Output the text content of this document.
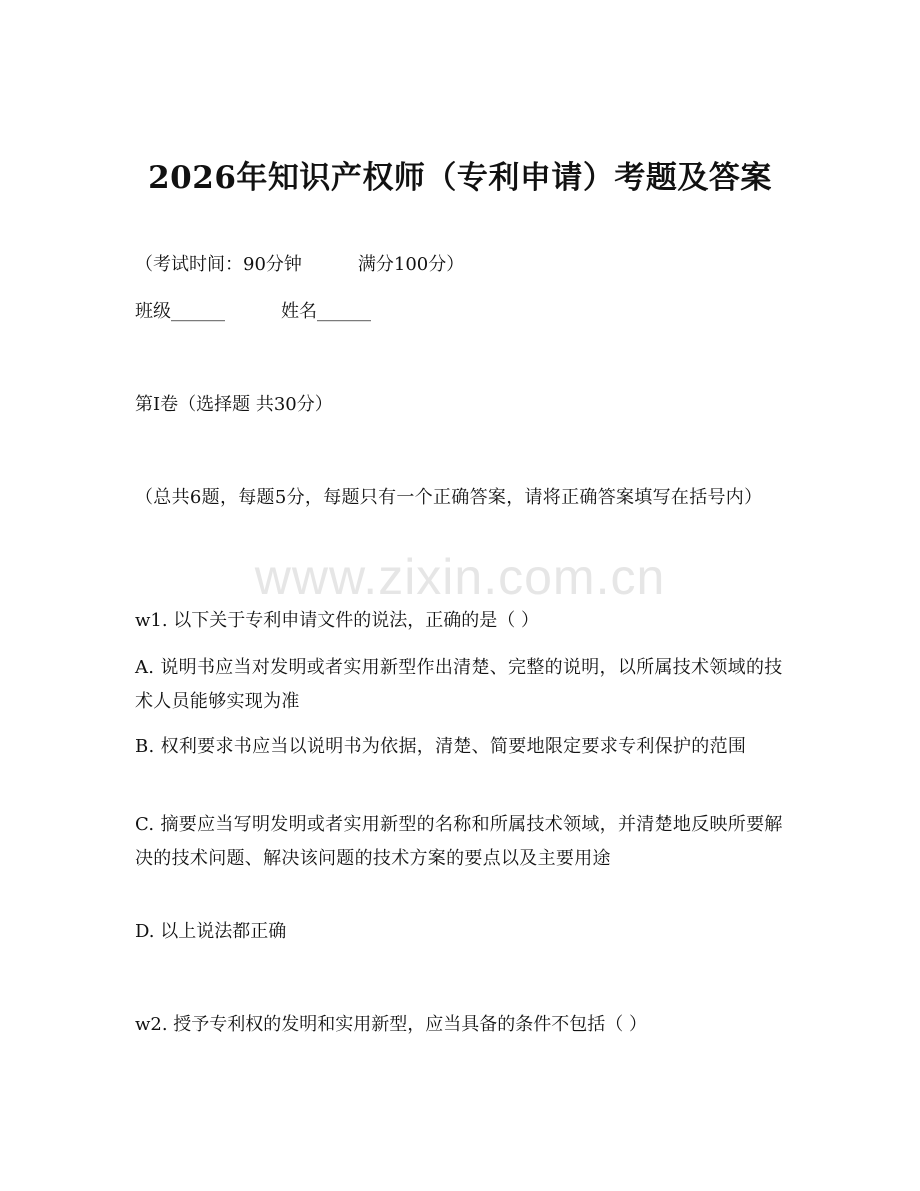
www.zixin.com.cn
2026年知识产权师（专利申请）考题及答案
（考试时间：90分钟	满分100分）
班级______	姓名______
第Ⅰ卷（选择题 共30分）
（总共6题，每题5分，每题只有一个正确答案，请将正确答案填写在括号内）
w1. 以下关于专利申请文件的说法，正确的是（ ）
A. 说明书应当对发明或者实用新型作出清楚、完整的说明，以所属技术领域的技术人员能够实现为准
B. 权利要求书应当以说明书为依据，清楚、简要地限定要求专利保护的范围
C. 摘要应当写明发明或者实用新型的名称和所属技术领域，并清楚地反映所要解决的技术问题、解决该问题的技术方案的要点以及主要用途
D. 以上说法都正确
w2. 授予专利权的发明和实用新型，应当具备的条件不包括（ ）
